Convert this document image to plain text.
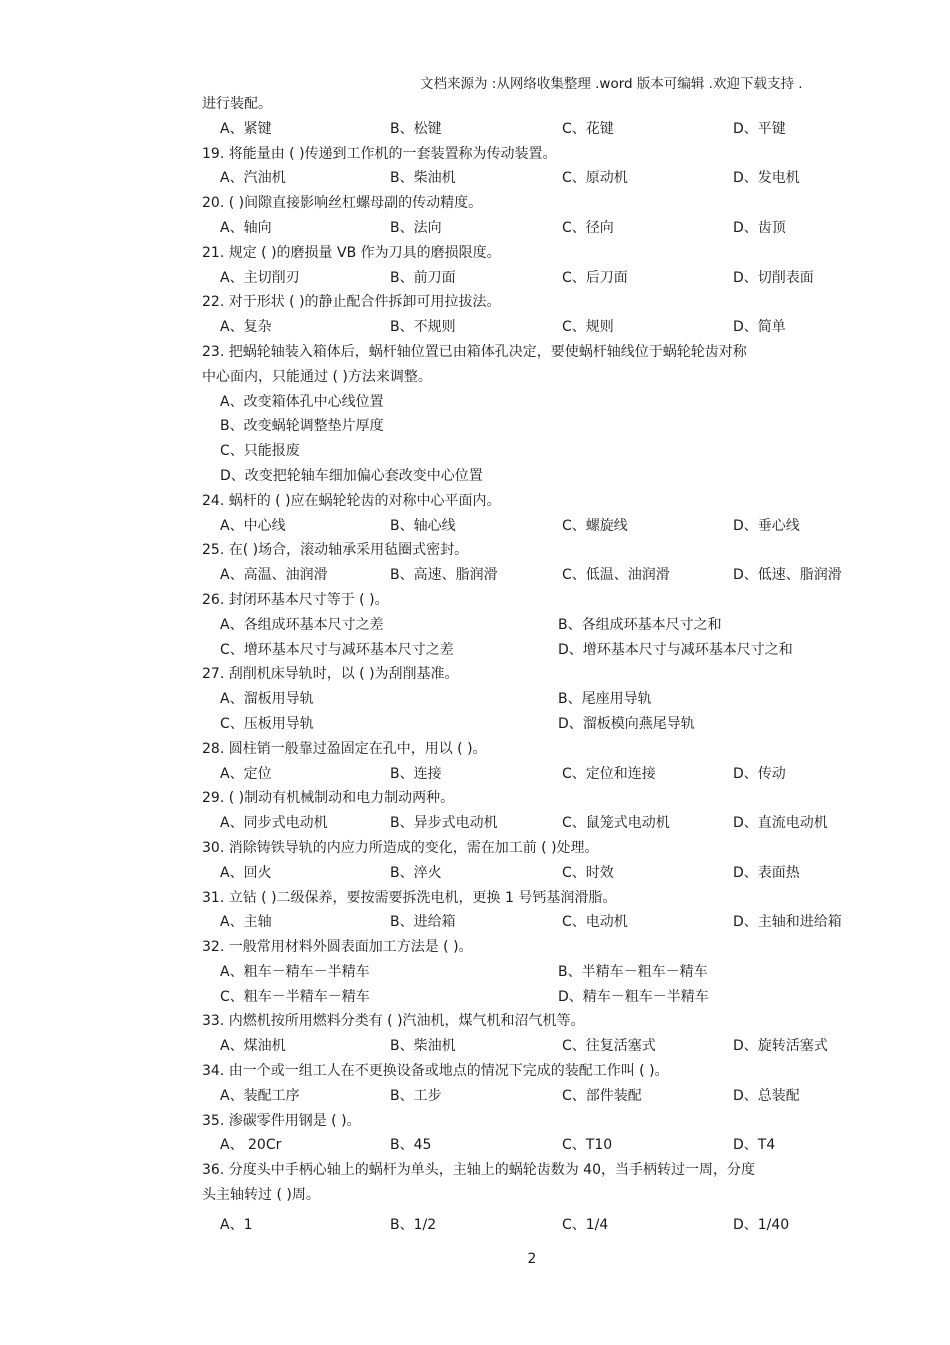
文档来源为 :从网络收集整理 .word 版本可编辑 .欢迎下载支持 .
进行装配。
A、紧键	B、松键	C、花键	D、平键
19. 将能量由 ( )传递到工作机的一套装置称为传动装置。
A、汽油机	B、柴油机	C、原动机	D、发电机
20. ( )间隙直接影响丝杠螺母副的传动精度。
A、轴向	B、法向	C、径向	D、齿顶
21. 规定 ( )的磨损量 VB 作为刀具的磨损限度。
A、主切削刃	B、前刀面	C、后刀面	D、切削表面
22. 对于形状 ( )的静止配合件拆卸可用拉拔法。
A、复杂	B、不规则	C、规则	D、简单
23. 把蜗轮轴装入箱体后，蜗杆轴位置已由箱体孔决定，要使蜗杆轴线位于蜗轮轮齿对称
中心面内，只能通过 ( )方法来调整。
A、改变箱体孔中心线位置
B、改变蜗轮调整垫片厚度
C、只能报废
D、改变把轮轴车细加偏心套改变中心位置
24. 蜗杆的 ( )应在蜗轮轮齿的对称中心平面内。
A、中心线	B、轴心线	C、螺旋线	D、垂心线
25. 在( )场合，滚动轴承采用毡圈式密封。
A、高温、油润滑	B、高速、脂润滑	C、低温、油润滑	D、低速、脂润滑
26. 封闭环基本尺寸等于 ( )。
A、各组成环基本尺寸之差	B、各组成环基本尺寸之和
C、增环基本尺寸与减环基本尺寸之差	D、增环基本尺寸与减环基本尺寸之和
27. 刮削机床导轨时，以 ( )为刮削基准。
A、溜板用导轨	B、尾座用导轨
C、压板用导轨	D、溜板模向燕尾导轨
28. 圆柱销一般靠过盈固定在孔中，用以 ( )。
A、定位	B、连接	C、定位和连接	D、传动
29. ( )制动有机械制动和电力制动两种。
A、同步式电动机	B、异步式电动机	C、鼠笼式电动机	D、直流电动机
30. 消除铸铁导轨的内应力所造成的变化，需在加工前 ( )处理。
A、回火	B、淬火	C、时效	D、表面热
31. 立钻 ( )二级保养，要按需要拆洗电机，更换 1 号钙基润滑脂。
A、主轴	B、进给箱	C、电动机	D、主轴和进给箱
32. 一般常用材料外圆表面加工方法是 ( )。
A、粗车－精车－半精车	B、半精车－粗车－精车
C、粗车－半精车－精车	D、精车－粗车－半精车
33. 内燃机按所用燃料分类有 ( )汽油机，煤气机和沼气机等。
A、煤油机	B、柴油机	C、往复活塞式	D、旋转活塞式
34. 由一个或一组工人在不更换设备或地点的情况下完成的装配工作叫 ( )。
A、装配工序	B、工步	C、部件装配	D、总装配
35. 渗碳零件用钢是 ( )。
A、 20Cr	B、45	C、T10	D、T4
36. 分度头中手柄心轴上的蜗杆为单头，主轴上的蜗轮齿数为 40，当手柄转过一周，分度
头主轴转过 ( )周。
A、1	B、1/2	C、1/4	D、1/40
2
